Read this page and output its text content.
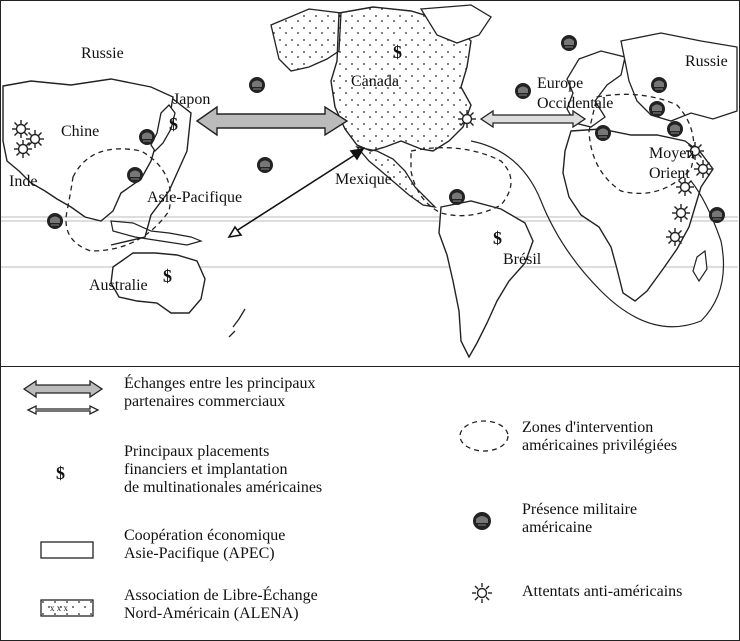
Russie	Russie
Japon
Chine
Inde
Asie-Pacifique
Australie
Canada
Mexique
Europe
Occidentale
Moyen
Orient
Brésil
$
$
$
$
Échanges entre les principaux
partenaires commerciaux
$
Principaux placements
financiers et implantation
de multinationales américaines
Coopération économique
Asie-Pacifique (APEC)
x x x
Association de Libre-Échange
Nord-Américain (ALENA)
Zones d'intervention
américaines privilégiées
Présence militaire
américaine
Attentats anti-américains
